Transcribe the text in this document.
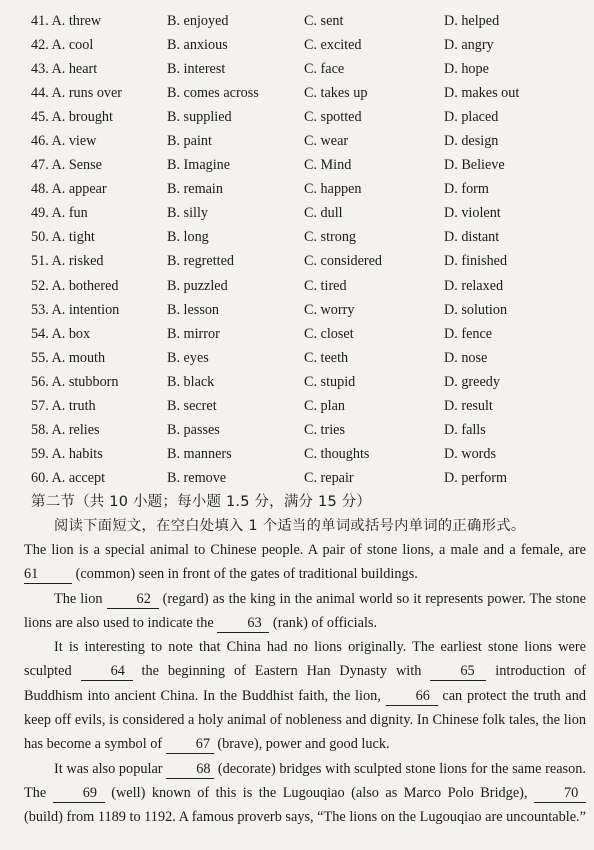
41. A. threw	B. enjoyed	C. sent	D. helped
42. A. cool	B. anxious	C. excited	D. angry
43. A. heart	B. interest	C. face	D. hope
44. A. runs over	B. comes across	C. takes up	D. makes out
45. A. brought	B. supplied	C. spotted	D. placed
46. A. view	B. paint	C. wear	D. design
47. A. Sense	B. Imagine	C. Mind	D. Believe
48. A. appear	B. remain	C. happen	D. form
49. A. fun	B. silly	C. dull	D. violent
50. A. tight	B. long	C. strong	D. distant
51. A. risked	B. regretted	C. considered	D. finished
52. A. bothered	B. puzzled	C. tired	D. relaxed
53. A. intention	B. lesson	C. worry	D. solution
54. A. box	B. mirror	C. closet	D. fence
55. A. mouth	B. eyes	C. teeth	D. nose
56. A. stubborn	B. black	C. stupid	D. greedy
57. A. truth	B. secret	C. plan	D. result
58. A. relies	B. passes	C. tries	D. falls
59. A. habits	B. manners	C. thoughts	D. words
60. A. accept	B. remove	C. repair	D. perform
第二节（共 10 小题；每小题 1.5 分，满分 15 分）
阅读下面短文，在空白处填入 1 个适当的单词或括号内单词的正确形式。

The lion is a special animal to Chinese people. A pair of stone lions, a male and a female, are 61 (common) seen in front of the gates of traditional buildings.

The lion 62 (regard) as the king in the animal world so it represents power. The stone lions are also used to indicate the 63 (rank) of officials.

It is interesting to note that China had no lions originally. The earliest stone lions were sculpted 64 the beginning of Eastern Han Dynasty with 65 introduction of Buddhism into ancient China. In the Buddhist faith, the lion, 66 can protect the truth and keep off evils, is considered a holy animal of nobleness and dignity. In Chinese folk tales, the lion has become a symbol of 67 (brave), power and good luck.

It was also popular 68 (decorate) bridges with sculpted stone lions for the same reason. The 69 (well) known of this is the Lugouqiao (also as Marco Polo Bridge), 70 (build) from 1189 to 1192. A famous proverb says, “The lions on the Lugouqiao are uncountable.”
